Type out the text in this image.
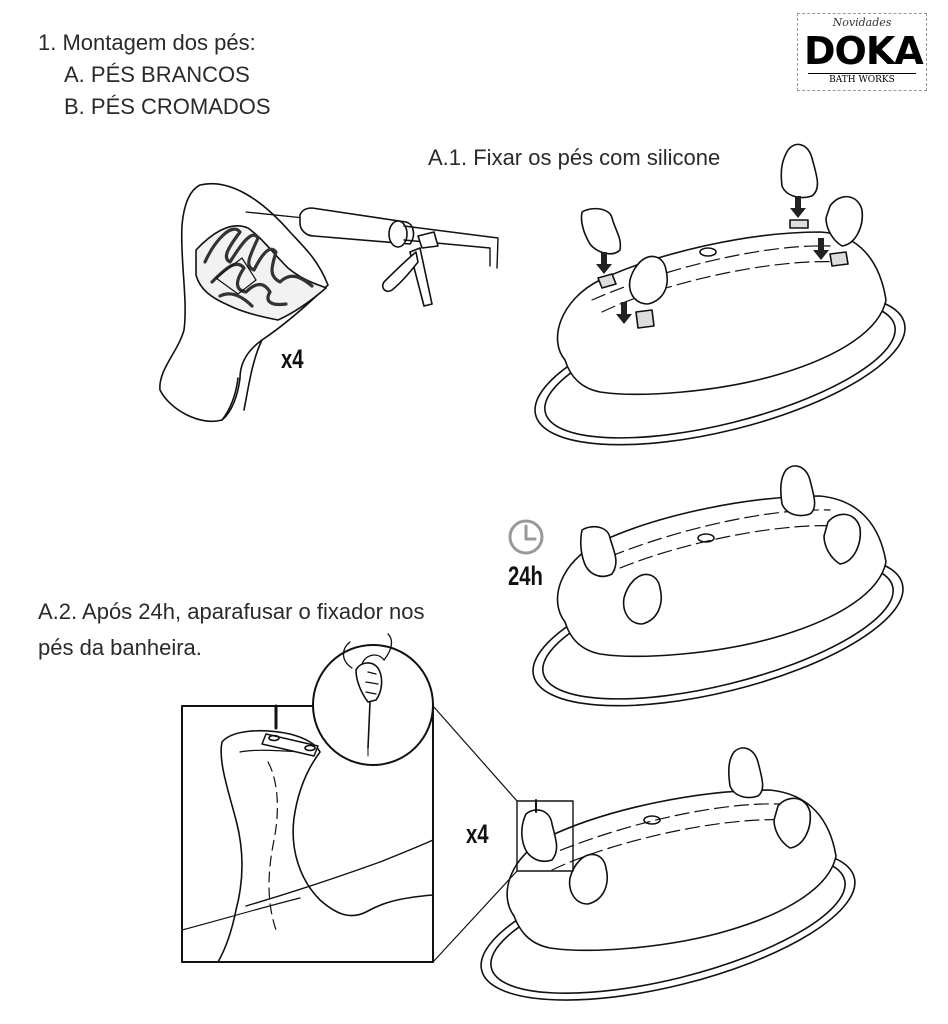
1. Montagem dos pés:
A. PÉS BRANCOS
B. PÉS CROMADOS
A.1. Fixar os pés com silicone
A.2. Após 24h, aparafusar o fixador nos
pés da banheira.
x4
24h
x4
Novidades
DOKA
BATH WORKS
